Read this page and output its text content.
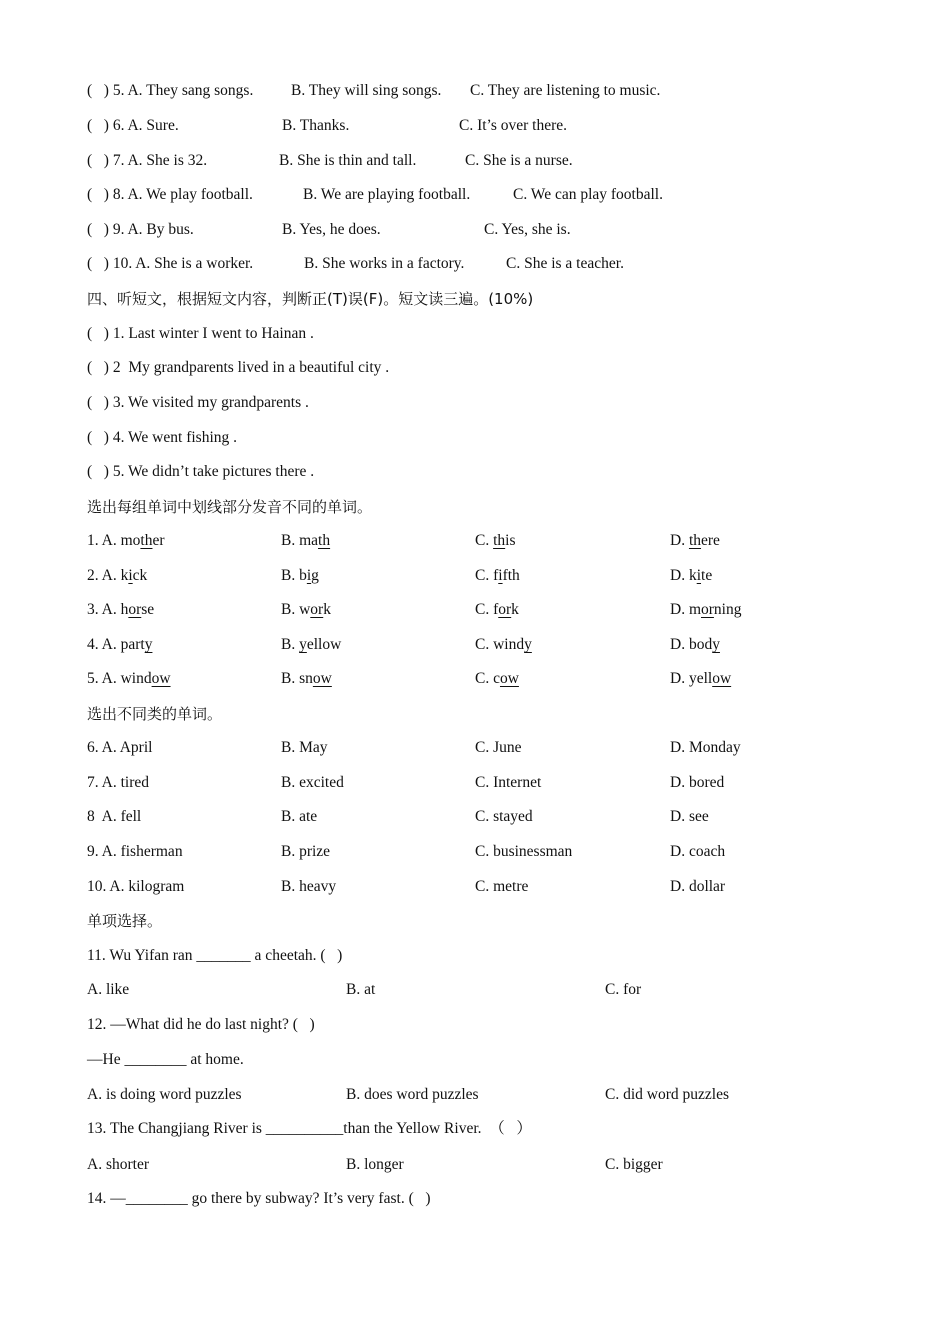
(   ) 5. A. They sang songs. B. They will sing songs. C. They are listening to music.
(   ) 6. A. Sure.	B. Thanks.	C. It’s over there.
(   ) 7. A. She is 32.	B. She is thin and tall.	C. She is a nurse.
(   ) 8. A. We play football.	B. We are playing football.	C. We can play football.
(   ) 9. A. By bus.	B. Yes, he does.	C. Yes, she is.
(   ) 10. A. She is a worker.	B. She works in a factory.	C. She is a teacher.
四、听短文，根据短文内容，判断正(T)误(F)。短文读三遍。(10%)
(   ) 1. Last winter I went to Hainan .
(   ) 2  My grandparents lived in a beautiful city .
(   ) 3. We visited my grandparents .
(   ) 4. We went fishing .
(   ) 5. We didn’t take pictures there .
选出每组单词中划线部分发音不同的单词。
1. A. mother	B. math	C. this	D. there
2. A. kick	B. big	C. fifth	D. kite
3. A. horse	B. work	C. fork	D. morning
4. A. party	B. yellow	C. windy	D. body
5. A. window	B. snow	C. cow	D. yellow
选出不同类的单词。
6. A. April	B. May	C. June	D. Monday
7. A. tired	B. excited	C. Internet	D. bored
8  A. fell	B. ate	C. stayed	D. see
9. A. fisherman	B. prize	C. businessman	D. coach
10. A. kilogram	B. heavy	C. metre	D. dollar
单项选择。
11. Wu Yifan ran _______ a cheetah. (   )
A. like	B. at	C. for
12. —What did he do last night? (   )
—He ________ at home.
A. is doing word puzzles	B. does word puzzles	C. did word puzzles
13. The Changjiang River is __________than the Yellow River.  （   ）
A. shorter	B. longer	C. bigger
14. —________ go there by subway? It’s very fast. (   )
